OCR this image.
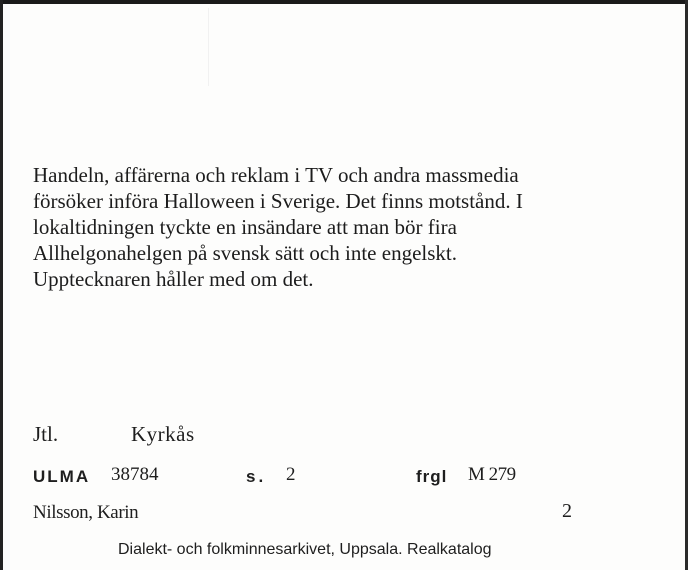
Handeln, affärerna och reklam i TV och andra massmedia
försöker införa Halloween i Sverige. Det finns motstånd. I
lokaltidningen tyckte en insändare att man bör fira
Allhelgonahelgen på svensk sätt och inte engelskt.
Upptecknaren håller med om det.
Jtl.	Kyrkås
ULMA 38784	s. 2	frgl M 279
Nilsson, Karin	2
Dialekt- och folkminnesarkivet, Uppsala. Realkatalog
